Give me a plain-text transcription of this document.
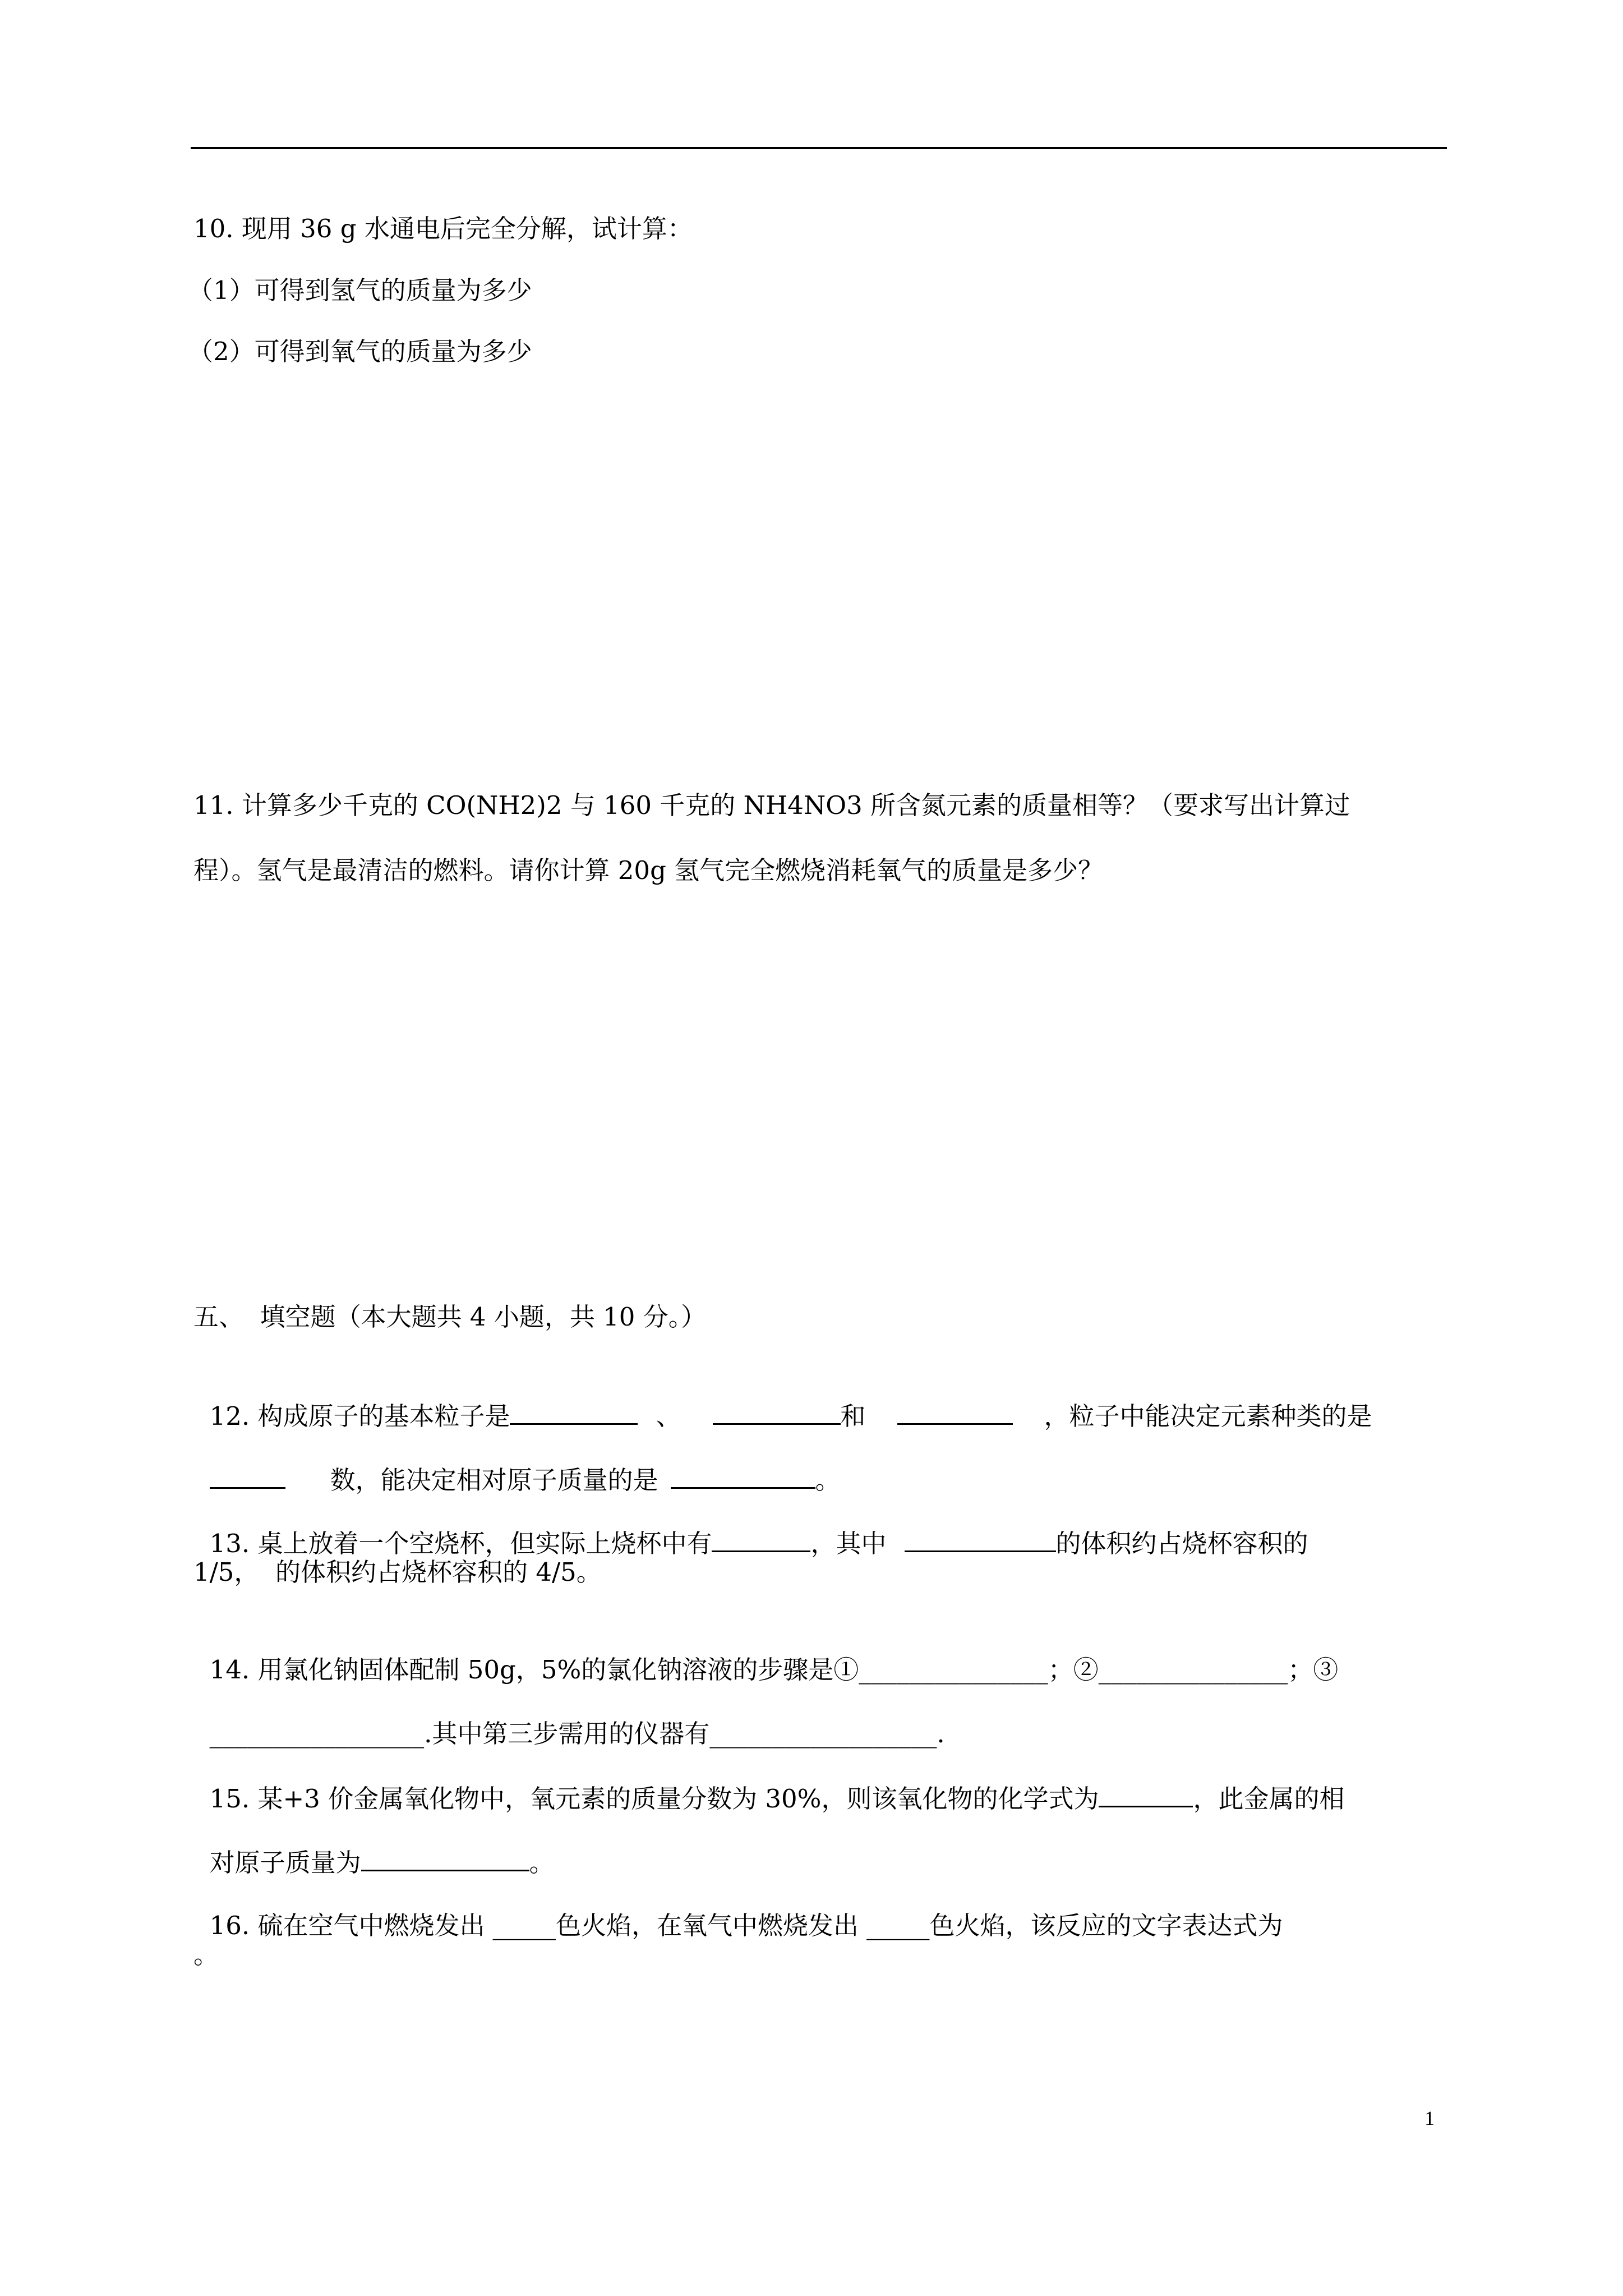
10. 现用 36 g 水通电后完全分解，试计算：
（1）可得到氢气的质量为多少
（2）可得到氧气的质量为多少
11. 计算多少千克的 CO(NH2)2 与 160 千克的 NH4NO3 所含氮元素的质量相等？（要求写出计算过
程）。氢气是最清洁的燃料。请你计算 20g 氢气完全燃烧消耗氧气的质量是多少？
五、  填空题（本大题共 4 小题，共 10 分。）

12. 构成原子的基本粒子是	、	和	，粒子中能决定元素种类的是

数，能决定相对原子质量的是	。

13. 桌上放着一个空烧杯，但实际上烧杯中有	，其中	的体积约占烧杯容积的

1/5，  的体积约占烧杯容积的 4/5。

14. 用氯化钠固体配制 50g，5%的氯化钠溶液的步骤是①_______________；②_______________；③

_________________.其中第三步需用的仪器有__________________.

15. 某+3 价金属氧化物中，氧元素的质量分数为 30%，则该氧化物的化学式为	，此金属的相

对原子质量为	。

16. 硫在空气中燃烧发出 _____色火焰，在氧气中燃烧发出 _____色火焰，该反应的文字表达式为

。
1
